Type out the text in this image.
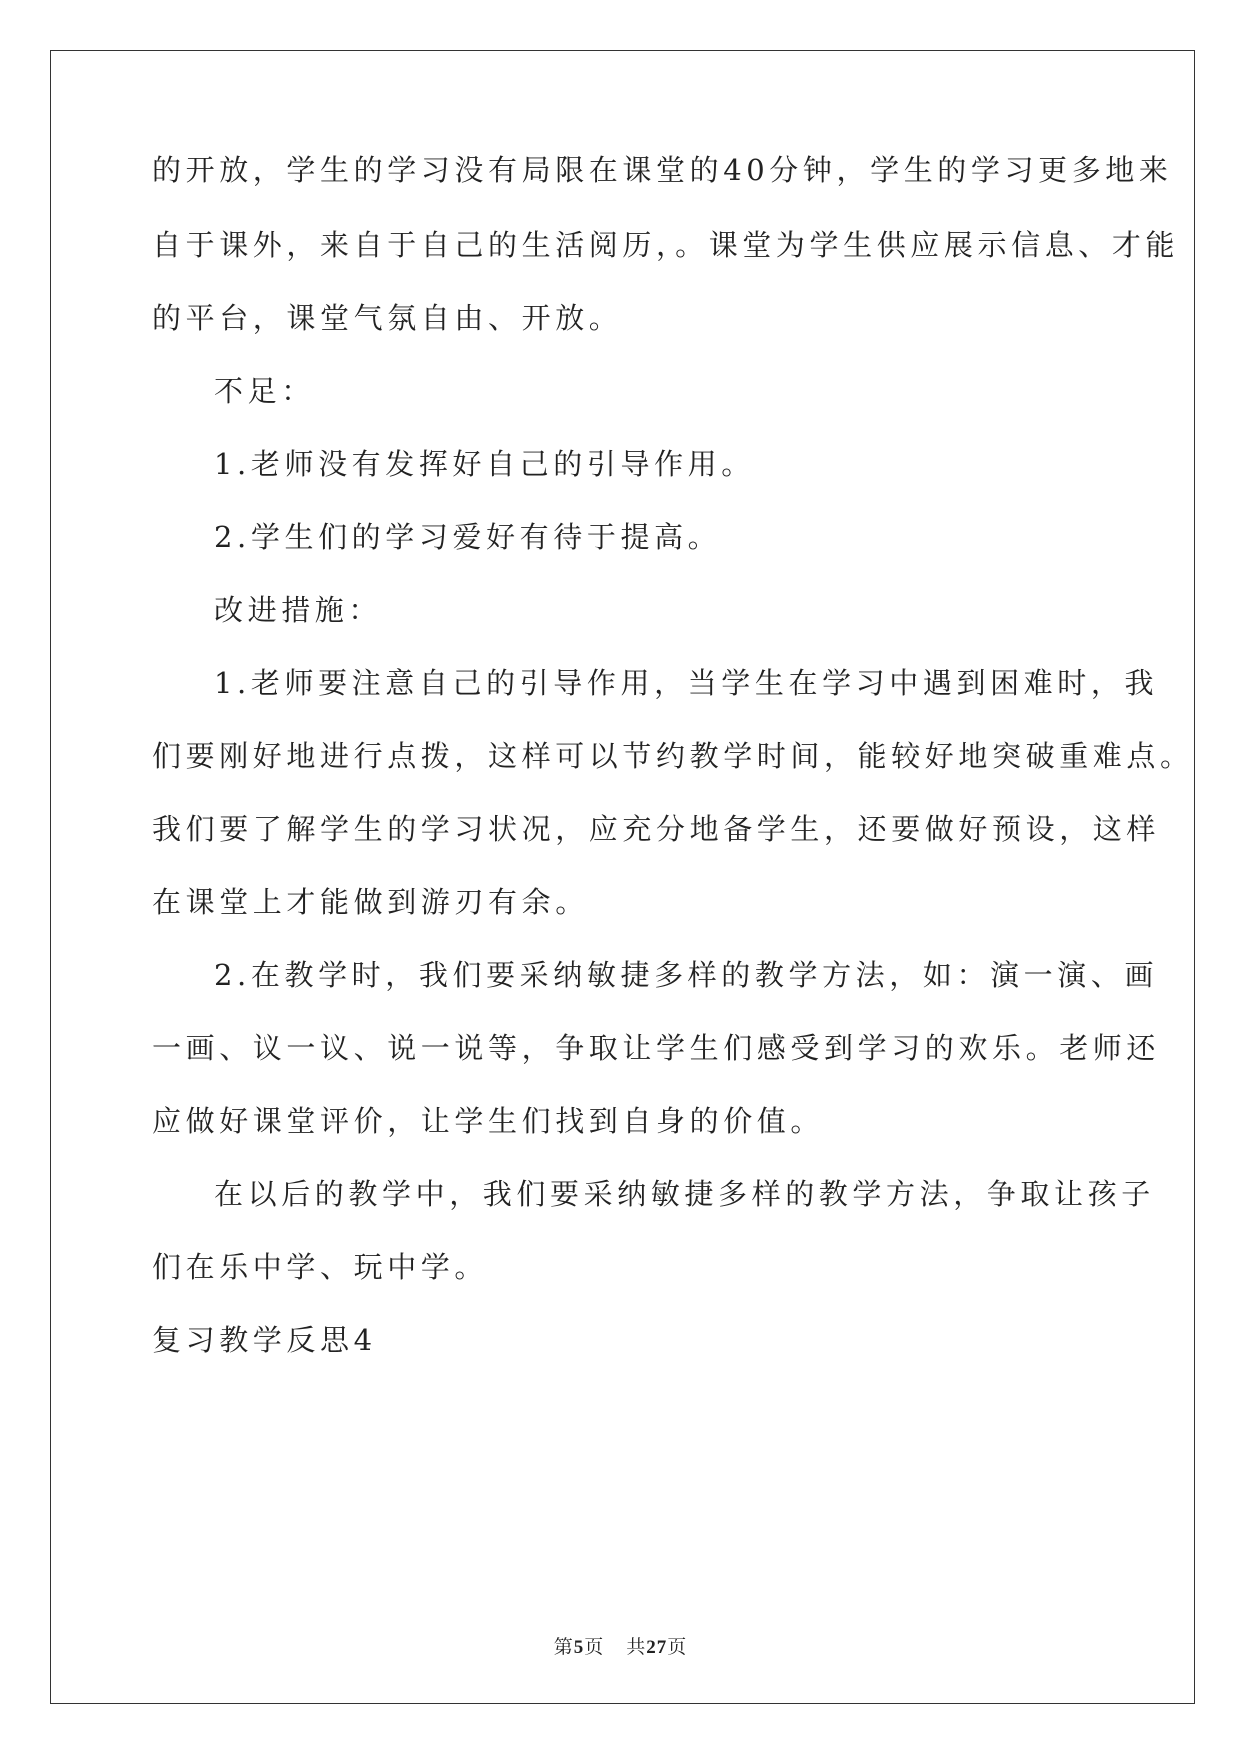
的开放，学生的学习没有局限在课堂的40分钟，学生的学习更多地来
自于课外，来自于自己的生活阅历，。课堂为学生供应展示信息、才能
的平台，课堂气氛自由、开放。
不足：
1.老师没有发挥好自己的引导作用。
2.学生们的学习爱好有待于提高。
改进措施：
1.老师要注意自己的引导作用，当学生在学习中遇到困难时，我
们要刚好地进行点拨，这样可以节约教学时间，能较好地突破重难点。
我们要了解学生的学习状况，应充分地备学生，还要做好预设，这样
在课堂上才能做到游刃有余。
2.在教学时，我们要采纳敏捷多样的教学方法，如：演一演、画
一画、议一议、说一说等，争取让学生们感受到学习的欢乐。老师还
应做好课堂评价，让学生们找到自身的价值。
在以后的教学中，我们要采纳敏捷多样的教学方法，争取让孩子
们在乐中学、玩中学。
复习教学反思4
第5页 共27页
